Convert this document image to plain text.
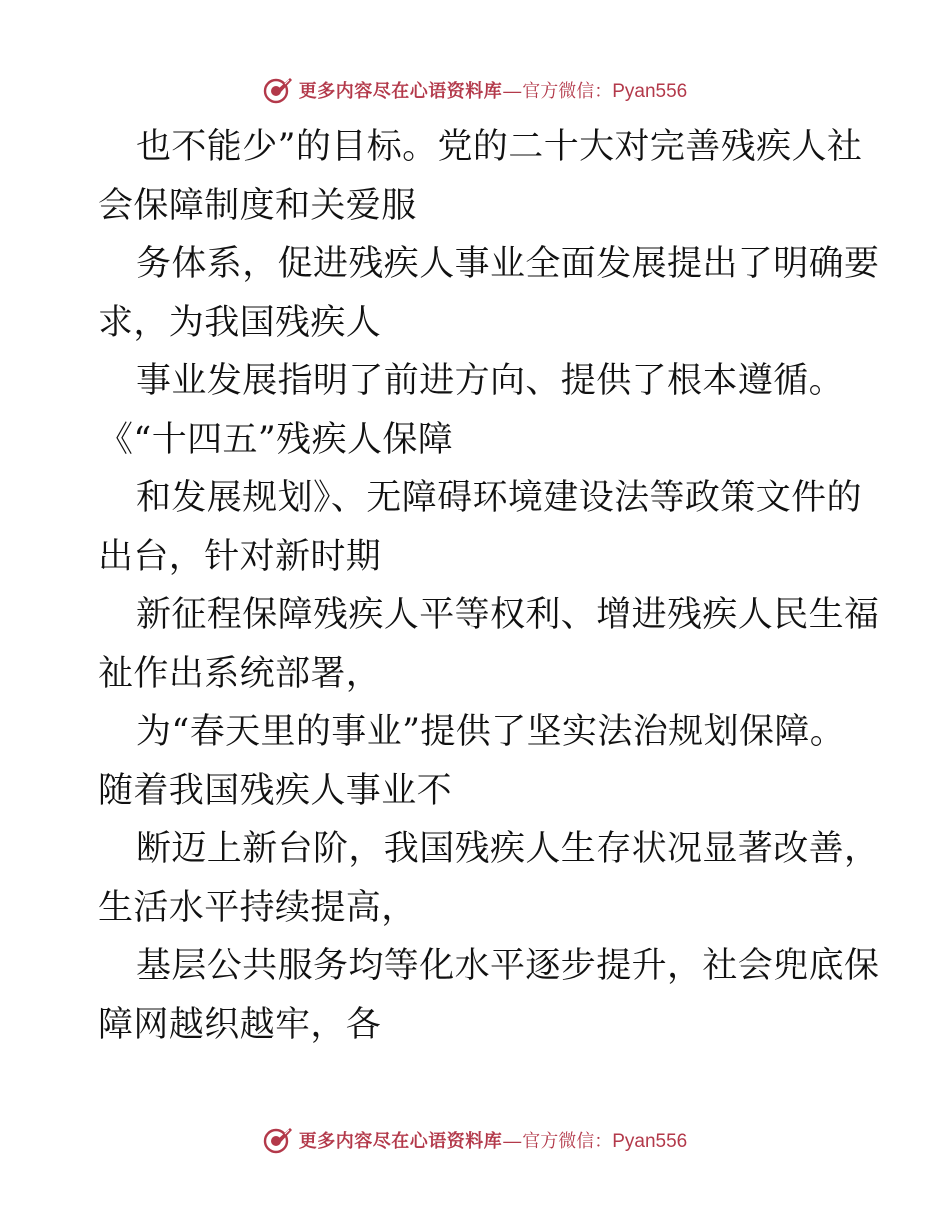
更多内容尽在心语资料库 — 官方微信： Pyan556
也不能少”的目标。党的二十大对完善残疾人社
会保障制度和关爱服
务体系，促进残疾人事业全面发展提出了明确要
求，为我国残疾人
事业发展指明了前进方向、提供了根本遵循。
《“十四五”残疾人保障
和发展规划》、无障碍环境建设法等政策文件的
出台，针对新时期
新征程保障残疾人平等权利、增进残疾人民生福
祉作出系统部署，
为“春天里的事业”提供了坚实法治规划保障。
随着我国残疾人事业不
断迈上新台阶，我国残疾人生存状况显著改善，
生活水平持续提高，
基层公共服务均等化水平逐步提升，社会兜底保
障网越织越牢，各
更多内容尽在心语资料库 — 官方微信： Pyan556
